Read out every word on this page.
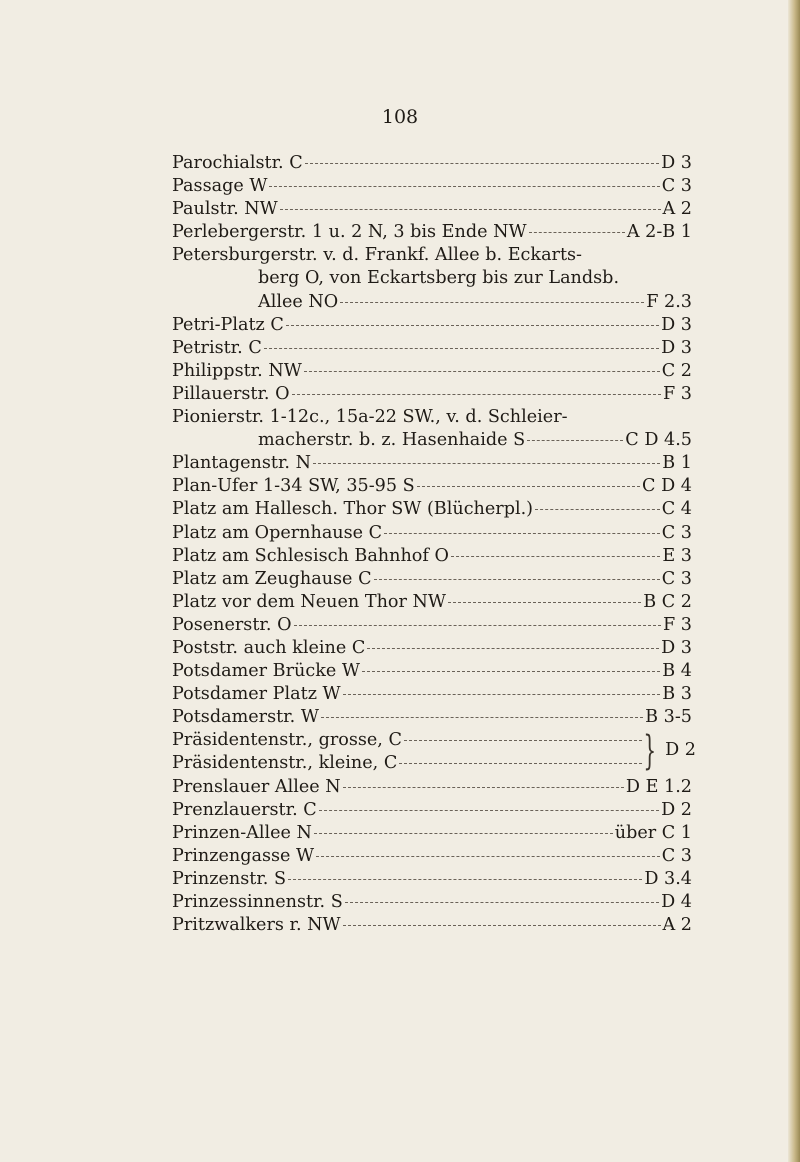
108
Parochialstr. C	D 3
Passage W	C 3
Paulstr. NW	A 2
Perlebergerstr. 1 u. 2 N, 3 bis Ende NW	A 2-B 1
Petersburgerstr. v. d. Frankf. Allee b. Eckarts-
berg O, von Eckartsberg bis zur Landsb.
Allee NO	F 2.3
Petri-Platz C	D 3
Petristr. C	D 3
Philippstr. NW	C 2
Pillauerstr. O	F 3
Pionierstr. 1-12c., 15a-22 SW., v. d. Schleier-
macherstr. b. z. Hasenhaide S	C D 4.5
Plantagenstr. N	B 1
Plan-Ufer 1-34 SW, 35-95 S	C D 4
Platz am Hallesch. Thor SW (Blücherpl.)	C 4
Platz am Opernhause C	C 3
Platz am Schlesisch Bahnhof O	E 3
Platz am Zeughause C	C 3
Platz vor dem Neuen Thor NW	B C 2
Posenerstr. O	F 3
Poststr. auch kleine C	D 3
Potsdamer Brücke W	B 4
Potsdamer Platz W	B 3
Potsdamerstr. W	B 3-5
Präsidentenstr., grosse, C
Präsidentenstr., kleine, C	} D 2
Prenslauer Allee N	D E 1.2
Prenzlauerstr. C	D 2
Prinzen-Allee N	über C 1
Prinzengasse W	C 3
Prinzenstr. S	D 3.4
Prinzessinnenstr. S	D 4
Pritzwalkers r. NW	A 2
